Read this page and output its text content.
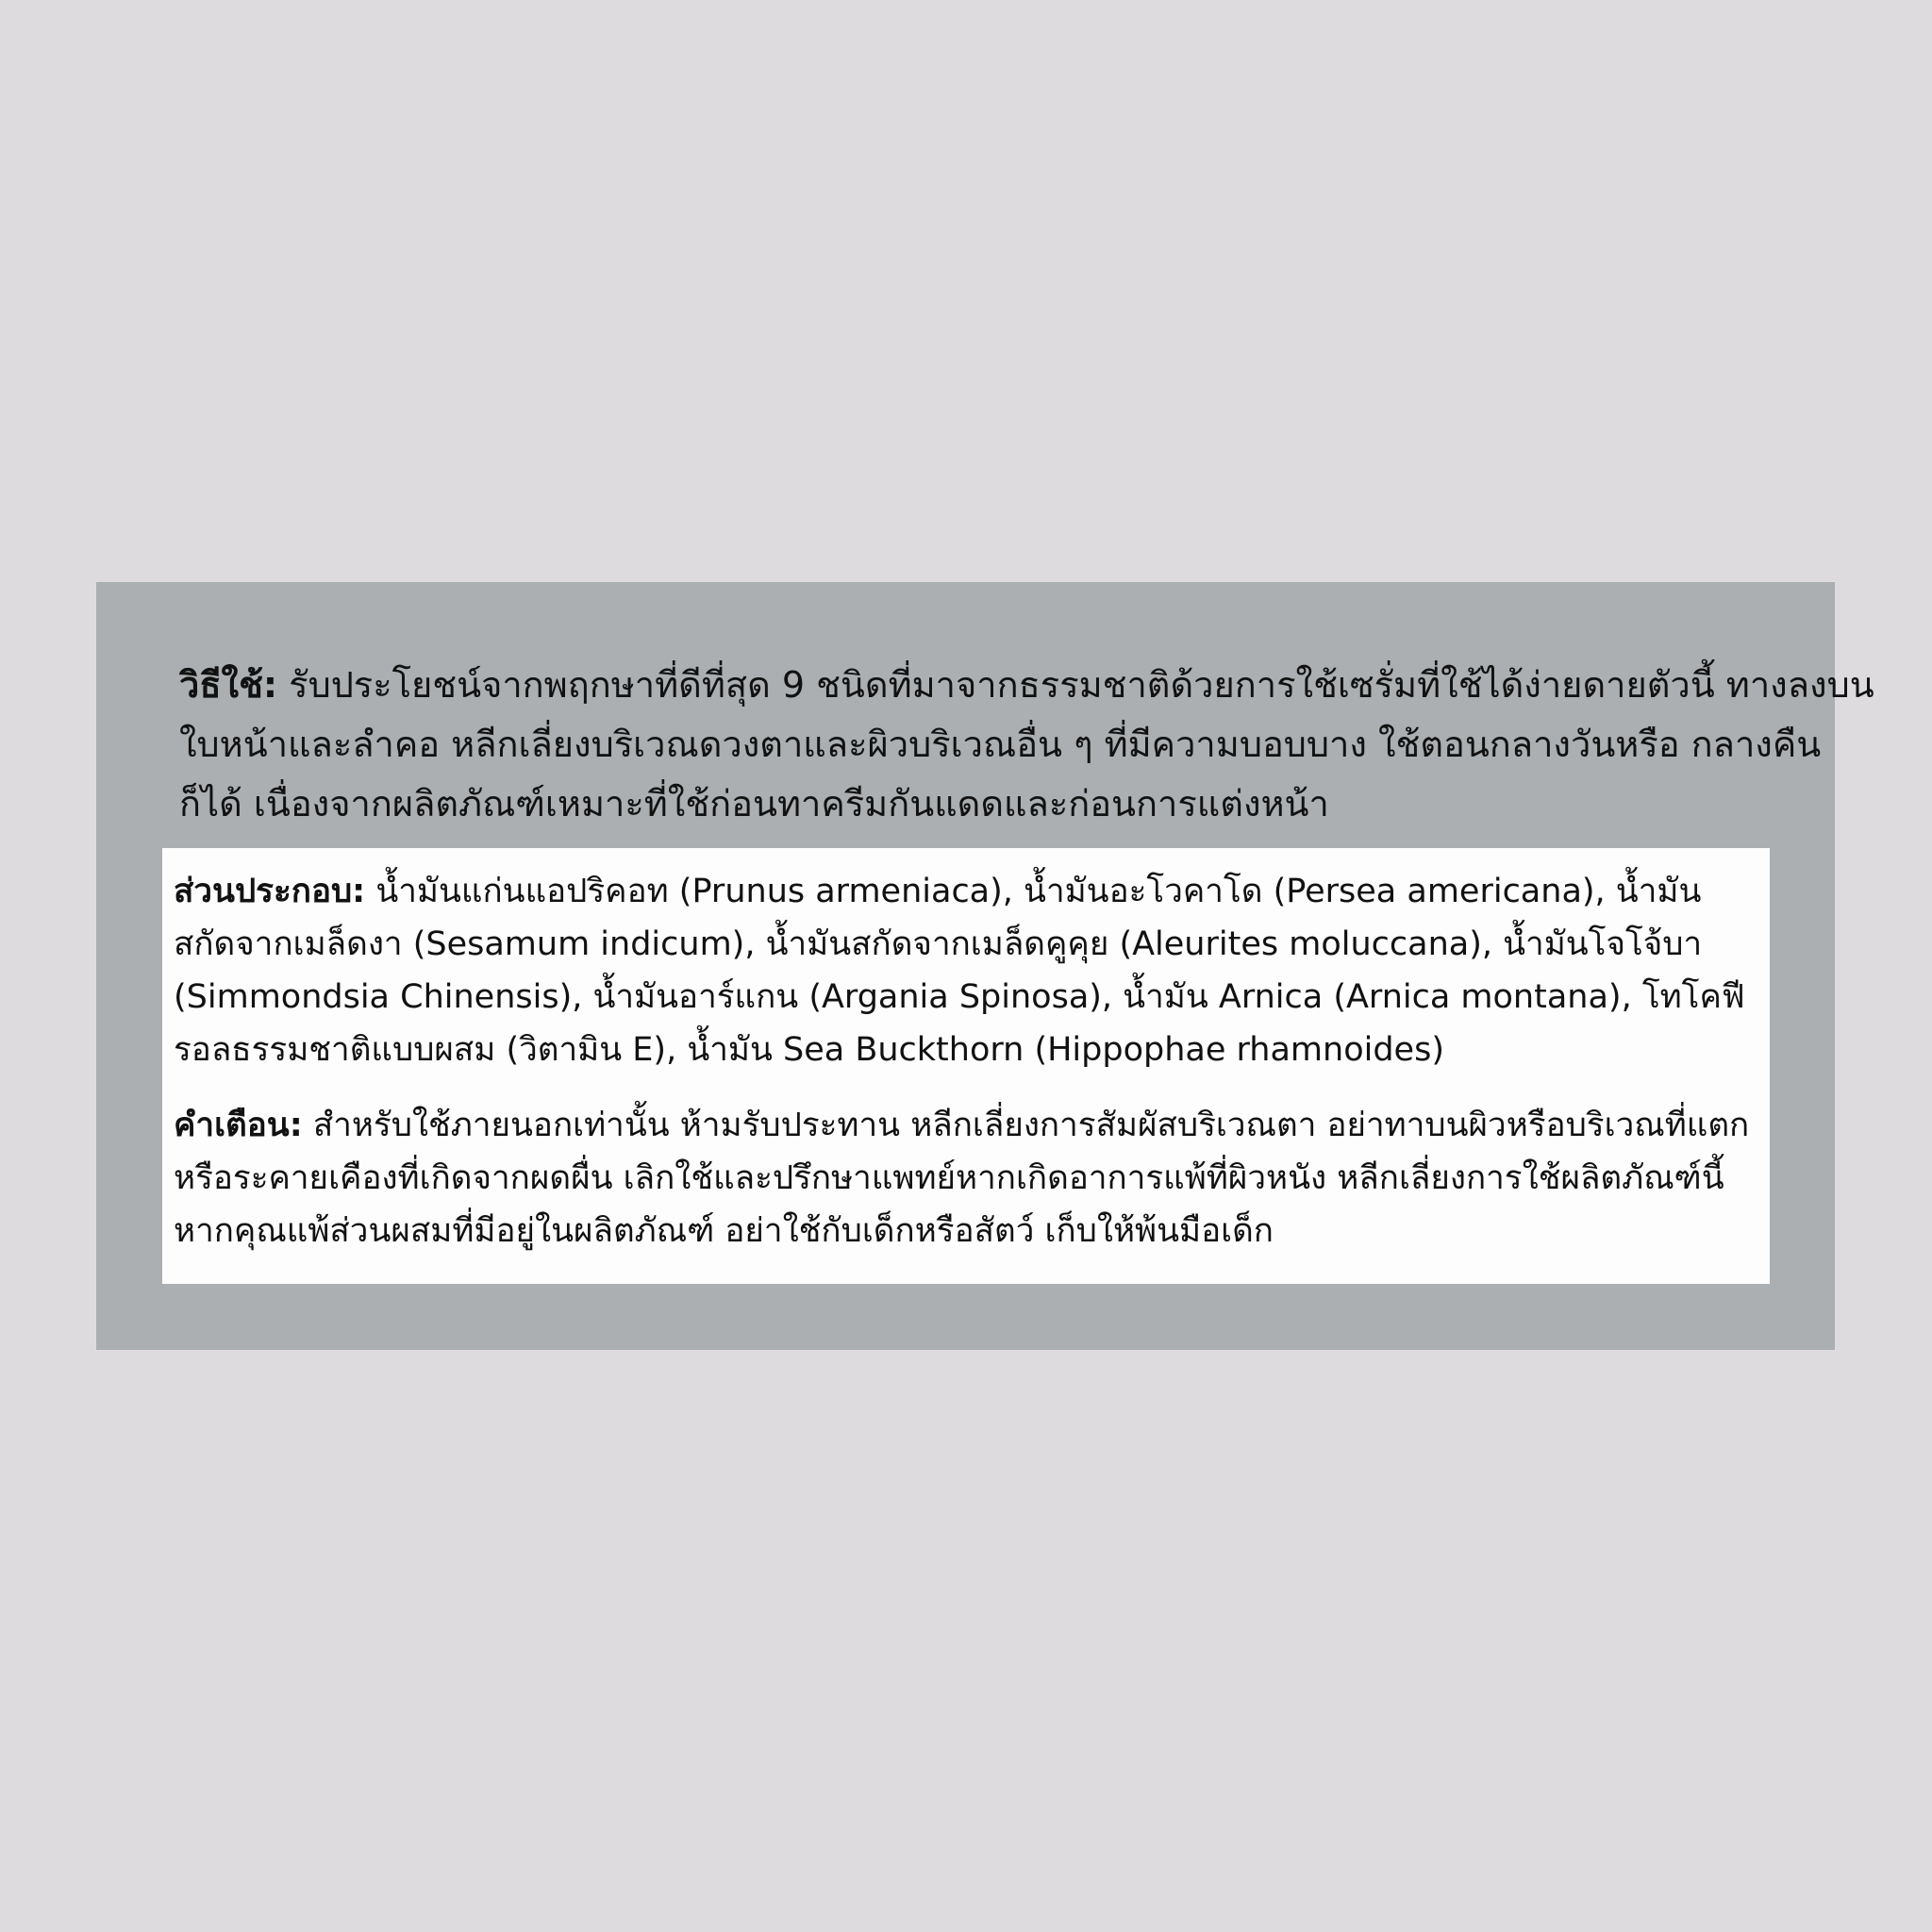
วิธีใช้: รับประโยชน์จากพฤกษาที่ดีที่สุด 9 ชนิดที่มาจากธรรมชาติด้วยการใช้เซรั่มที่ใช้ได้ง่ายดายตัวนี้ ทางลงบนใบหน้าและลำคอ หลีกเลี่ยงบริเวณดวงตาและผิวบริเวณอื่น ๆ ที่มีความบอบบาง ใช้ตอนกลางวันหรือ กลางคืนก็ได้ เนื่องจากผลิตภัณฑ์เหมาะที่ใช้ก่อนทาครีมกันแดดและก่อนการแต่งหน้า

ส่วนประกอบ: น้ำมันแก่นแอปริคอท (Prunus armeniaca), น้ำมันอะโวคาโด (Persea americana), น้ำมันสกัดจากเมล็ดงา (Sesamum indicum), น้ำมันสกัดจากเมล็ดคูคุย (Aleurites moluccana), น้ำมันโจโจ้บา (Simmondsia Chinensis), น้ำมันอาร์แกน (Argania Spinosa), น้ำมัน Arnica (Arnica montana), โทโคฟีรอลธรรมชาติแบบผสม (วิตามิน E), น้ำมัน Sea Buckthorn (Hippophae rhamnoides)

คำเตือน: สำหรับใช้ภายนอกเท่านั้น ห้ามรับประทาน หลีกเลี่ยงการสัมผัสบริเวณตา อย่าทาบนผิวหรือบริเวณที่แตกหรือระคายเคืองที่เกิดจากผดผื่น เลิกใช้และปรึกษาแพทย์หากเกิดอาการแพ้ที่ผิวหนัง หลีกเลี่ยงการใช้ผลิตภัณฑ์นี้หากคุณแพ้ส่วนผสมที่มีอยู่ในผลิตภัณฑ์ อย่าใช้กับเด็กหรือสัตว์ เก็บให้พ้นมือเด็ก
